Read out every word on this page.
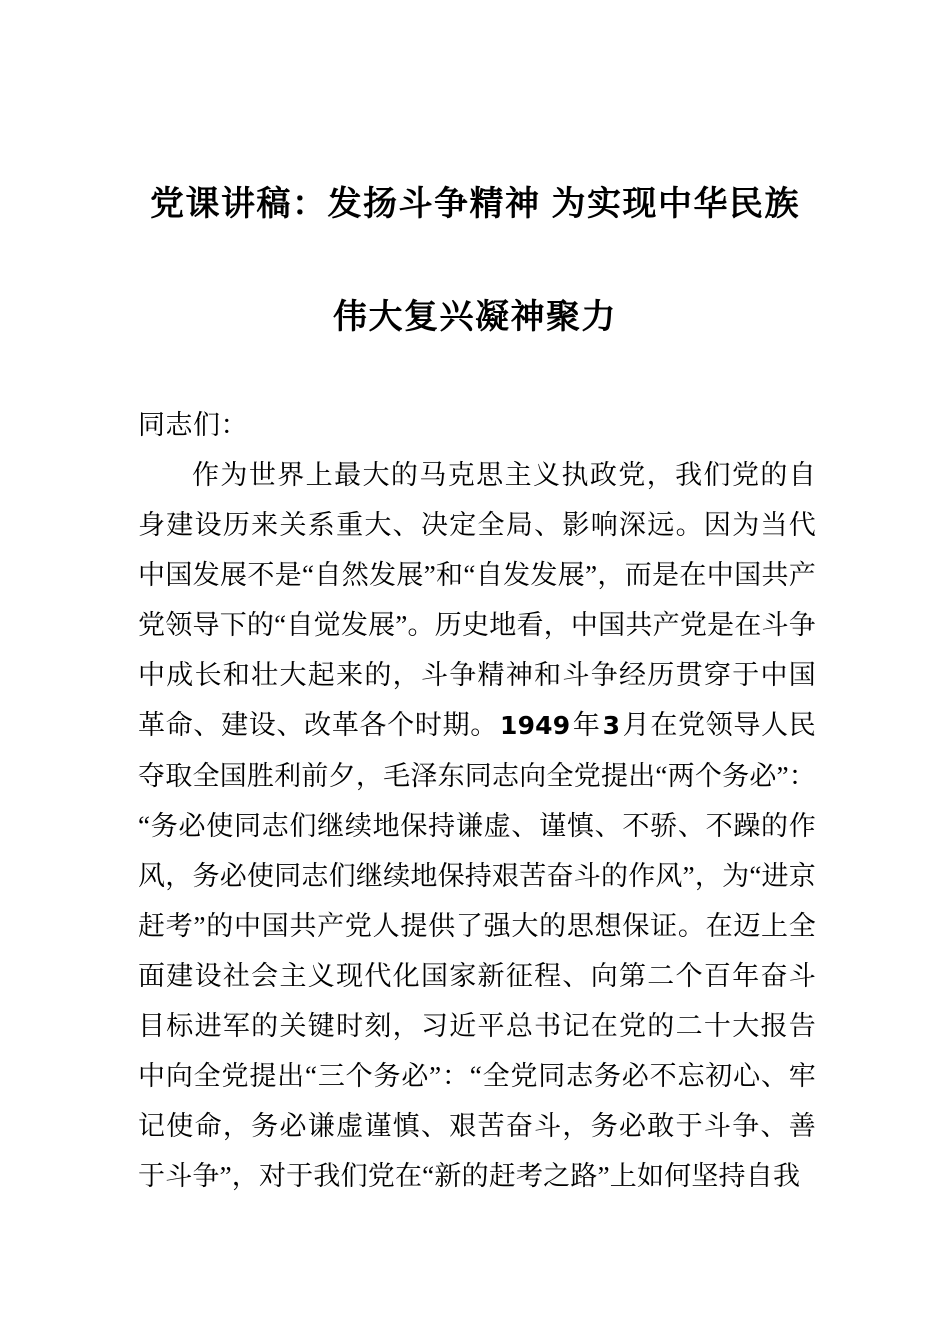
党课讲稿：发扬斗争精神 为实现中华民族
伟大复兴凝神聚力
同志们：

作为世界上最大的马克思主义执政党，我们党的自身建设历来关系重大、决定全局、影响深远。因为当代中国发展不是“自然发展”和“自发发展”，而是在中国共产党领导下的“自觉发展”。历史地看，中国共产党是在斗争中成长和壮大起来的，斗争精神和斗争经历贯穿于中国革命、建设、改革各个时期。1949年3月在党领导人民夺取全国胜利前夕，毛泽东同志向全党提出“两个务必”：“务必使同志们继续地保持谦虚、谨慎、不骄、不躁的作风，务必使同志们继续地保持艰苦奋斗的作风”，为“进京赶考”的中国共产党人提供了强大的思想保证。在迈上全面建设社会主义现代化国家新征程、向第二个百年奋斗目标进军的关键时刻，习近平总书记在党的二十大报告中向全党提出“三个务必”：“全党同志务必不忘初心、牢记使命，务必谦虚谨慎、艰苦奋斗，务必敢于斗争、善于斗争”，对于我们党在“新的赶考之路”上如何坚持自我
